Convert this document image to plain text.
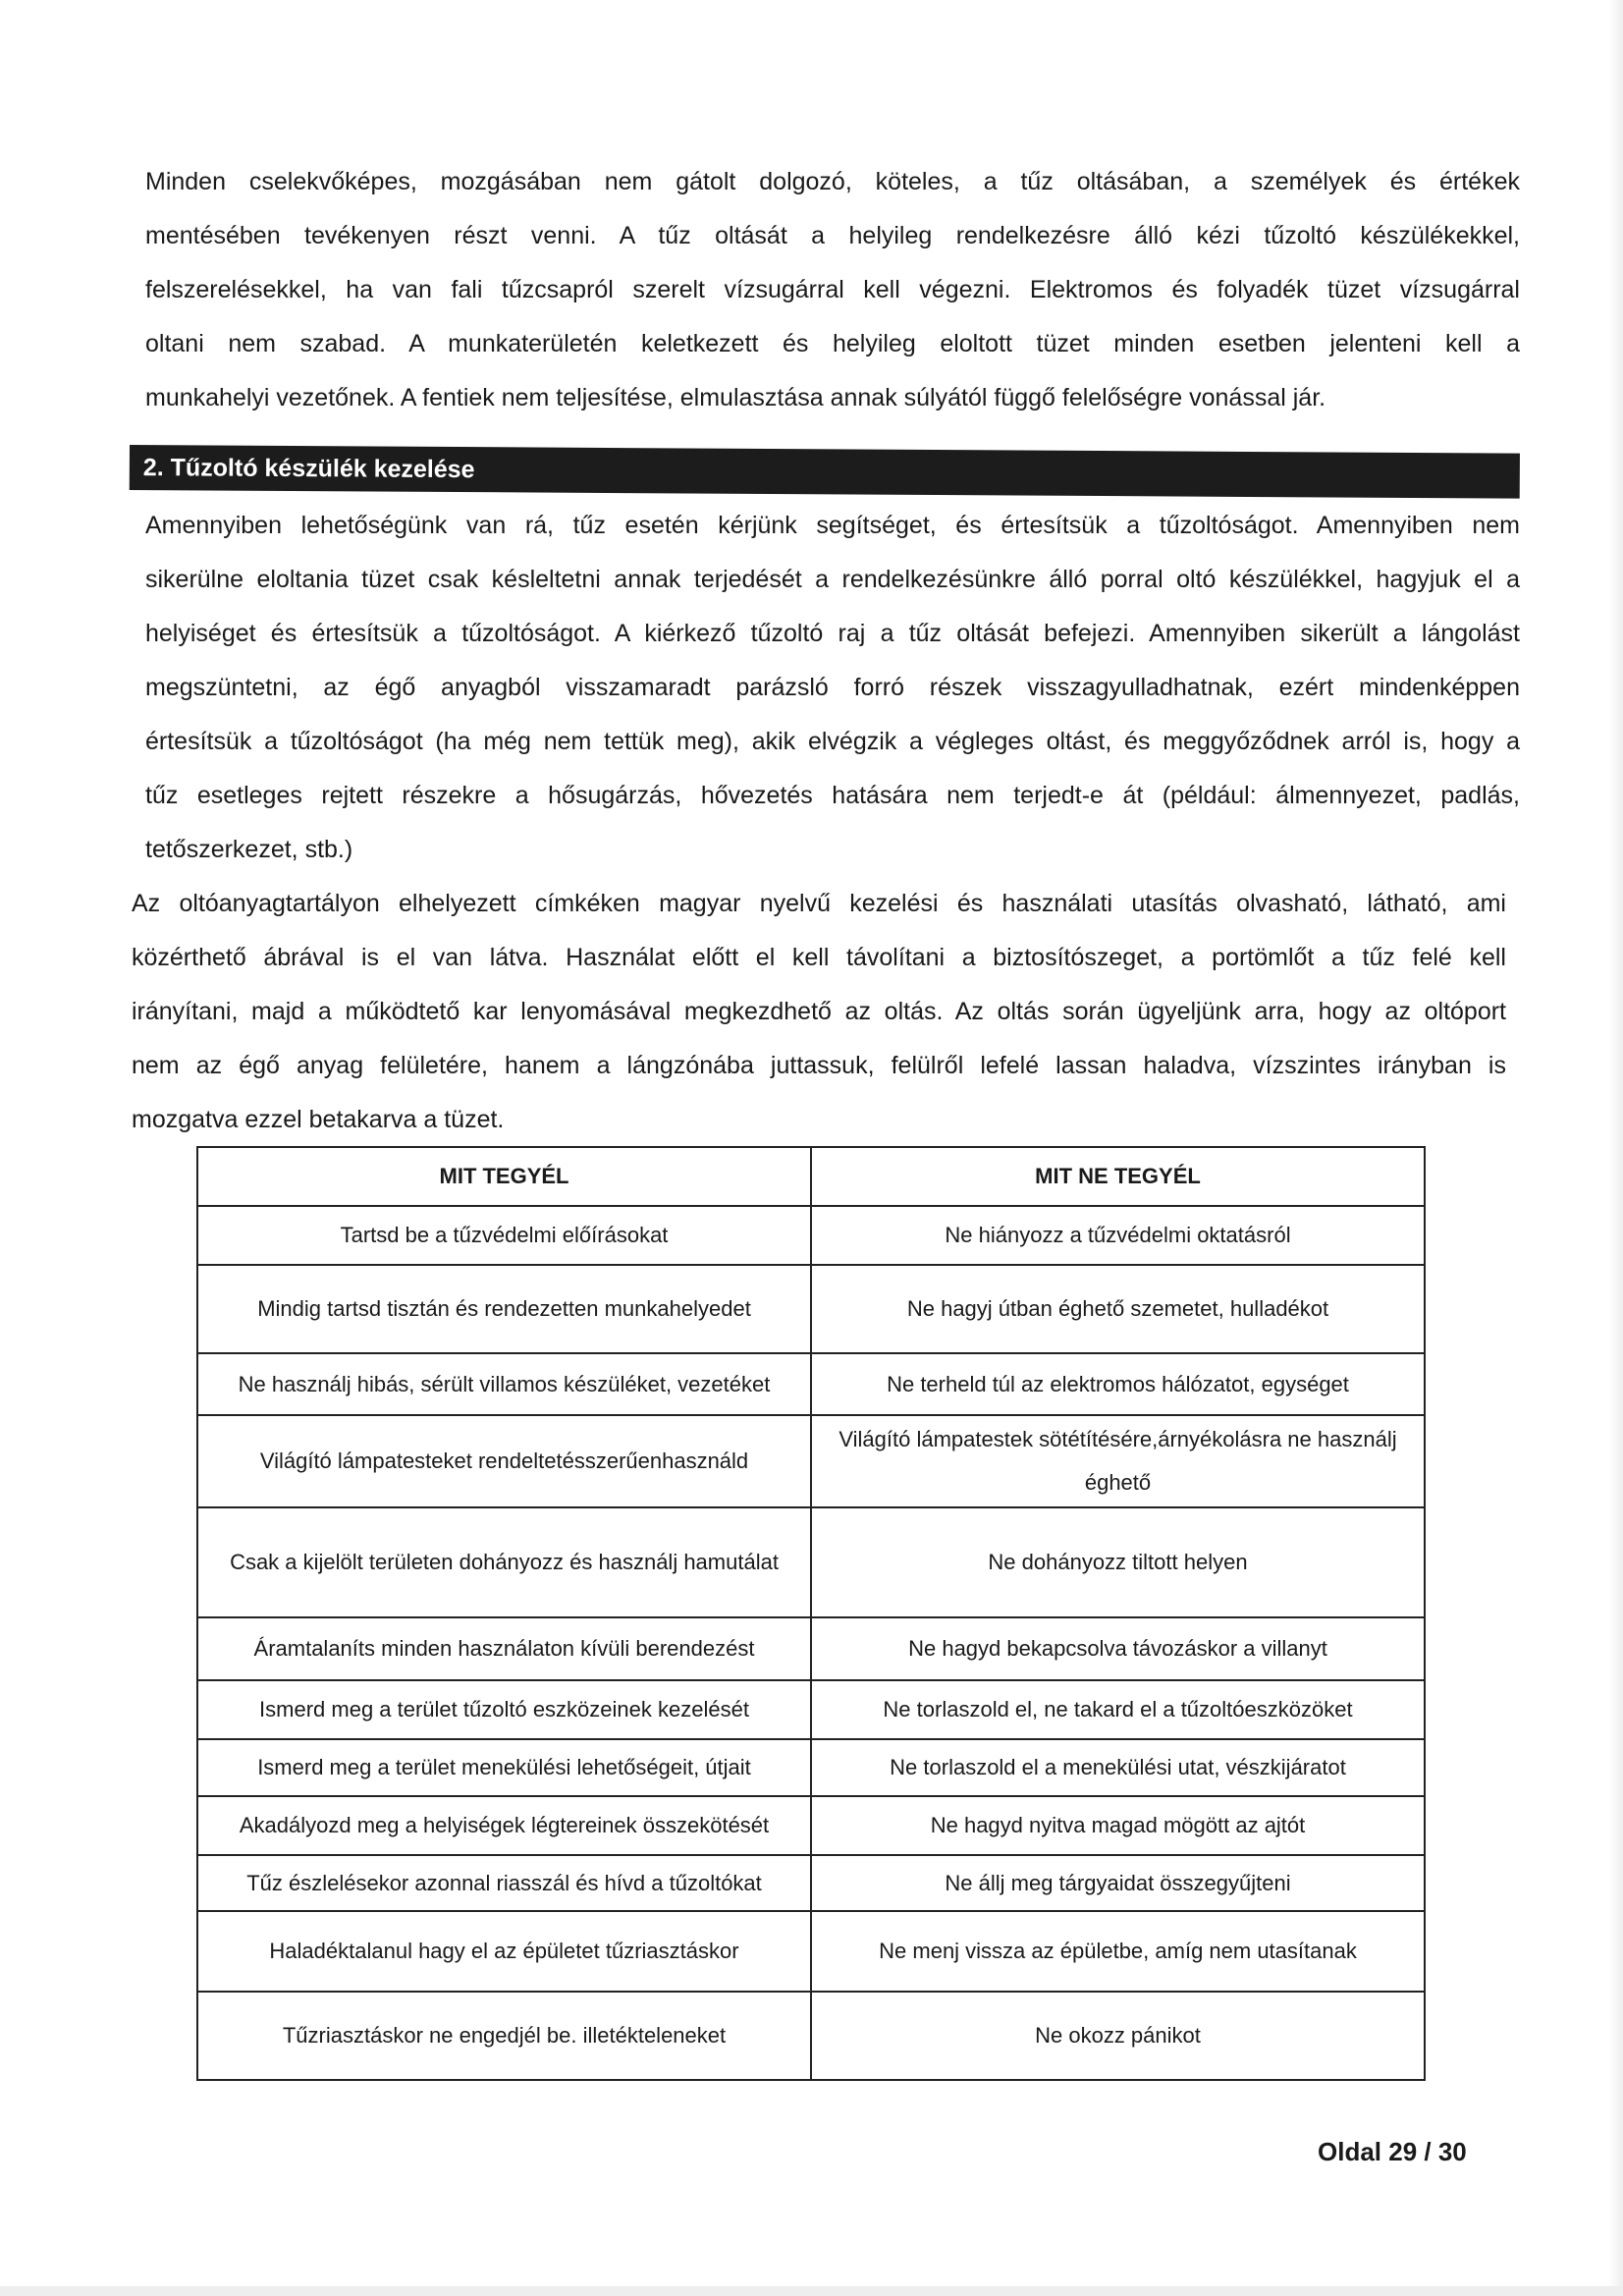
Minden cselekvőképes, mozgásában nem gátolt dolgozó, köteles, a tűz oltásában, a személyek és értékek
mentésében tevékenyen részt venni. A tűz oltását a helyileg rendelkezésre álló kézi tűzoltó készülékekkel,
felszerelésekkel, ha van fali tűzcsapról szerelt vízsugárral kell végezni. Elektromos és folyadék tüzet vízsugárral
oltani nem szabad. A munkaterületén keletkezett és helyileg eloltott tüzet minden esetben jelenteni kell a
munkahelyi vezetőnek. A fentiek nem teljesítése, elmulasztása annak súlyától függő felelőségre vonással jár.
2. Tűzoltó készülék kezelése
Amennyiben lehetőségünk van rá, tűz esetén kérjünk segítséget, és értesítsük a tűzoltóságot. Amennyiben nem
sikerülne eloltania tüzet csak késleltetni annak terjedését a rendelkezésünkre álló porral oltó készülékkel, hagyjuk el a
helyiséget és értesítsük a tűzoltóságot. A kiérkező tűzoltó raj a tűz oltását befejezi. Amennyiben sikerült a lángolást
megszüntetni, az égő anyagból visszamaradt parázsló forró részek visszagyulladhatnak, ezért mindenképpen
értesítsük a tűzoltóságot (ha még nem tettük meg), akik elvégzik a végleges oltást, és meggyőződnek arról is, hogy a
tűz esetleges rejtett részekre a hősugárzás, hővezetés hatására nem terjedt-e át (például: álmennyezet, padlás,
tetőszerkezet, stb.)
Az oltóanyagtartályon elhelyezett címkéken magyar nyelvű kezelési és használati utasítás olvasható, látható, ami
közérthető ábrával is el van látva. Használat előtt el kell távolítani a biztosítószeget, a portömlőt a tűz felé kell
irányítani, majd a működtető kar lenyomásával megkezdhető az oltás. Az oltás során ügyeljünk arra, hogy az oltóport
nem az égő anyag felületére, hanem a lángzónába juttassuk, felülről lefelé lassan haladva, vízszintes irányban is
mozgatva ezzel betakarva a tüzet.
MIT TEGYÉL	MIT NE TEGYÉL
Tartsd be a tűzvédelmi előírásokat	Ne hiányozz a tűzvédelmi oktatásról
Mindig tartsd tisztán és rendezetten munkahelyedet	Ne hagyj útban éghető szemetet, hulladékot
Ne használj hibás, sérült villamos készüléket, vezetéket	Ne terheld túl az elektromos hálózatot, egységet
Világító lámpatesteket rendeltetésszerűenhasználd	Világító lámpatestek sötétítésére,árnyékolásra ne használj éghető
Csak a kijelölt területen dohányozz és használj hamutálat	Ne dohányozz tiltott helyen
Áramtalaníts minden használaton kívüli berendezést	Ne hagyd bekapcsolva távozáskor a villanyt
Ismerd meg a terület tűzoltó eszközeinek kezelését	Ne torlaszold el, ne takard el a tűzoltóeszközöket
Ismerd meg a terület menekülési lehetőségeit, útjait	Ne torlaszold el a menekülési utat, vészkijáratot
Akadályozd meg a helyiségek légtereinek összekötését	Ne hagyd nyitva magad mögött az ajtót
Tűz észlelésekor azonnal riasszál és hívd a tűzoltókat	Ne állj meg tárgyaidat összegyűjteni
Haladéktalanul hagy el az épületet tűzriasztáskor	Ne menj vissza az épületbe, amíg nem utasítanak
Tűzriasztáskor ne engedjél be. illetékteleneket	Ne okozz pánikot
Oldal 29 / 30
